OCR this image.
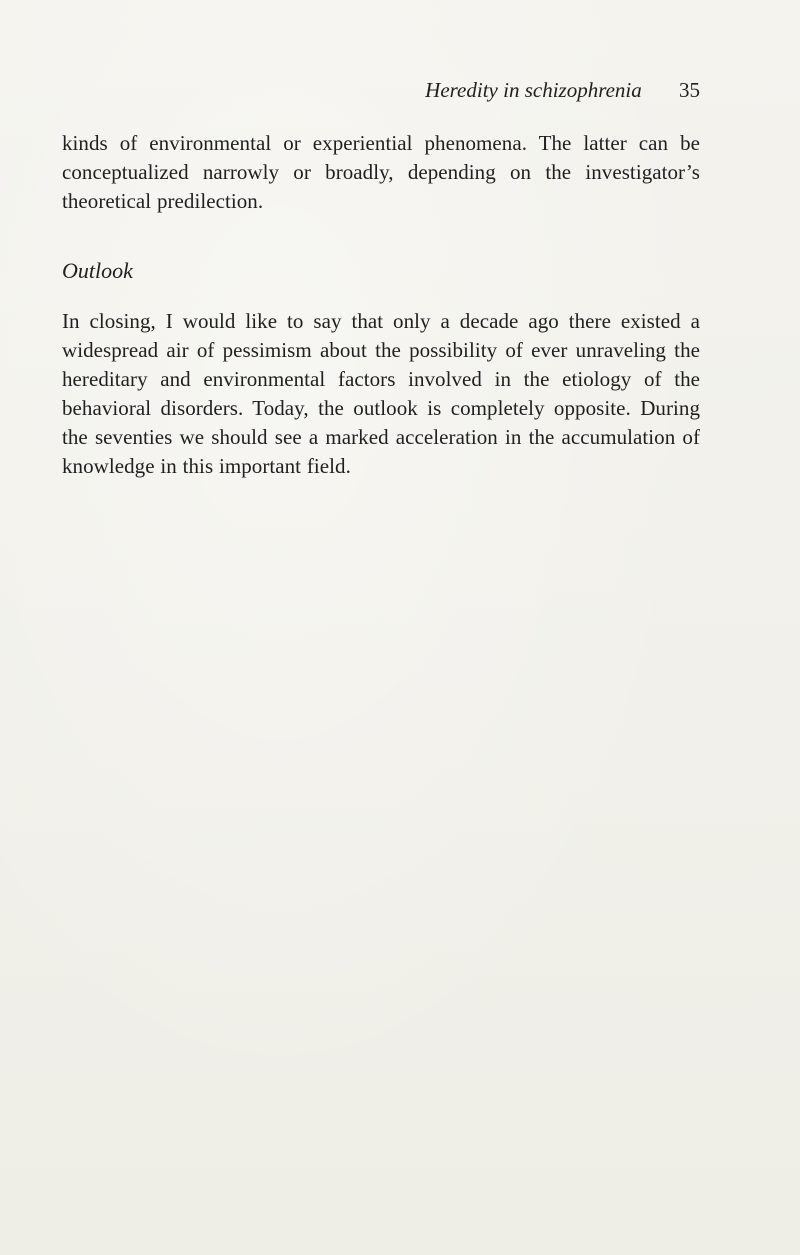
Heredity in schizophrenia 35

kinds of environmental or experiential phenomena. The latter can be conceptualized narrowly or broadly, depending on the investigator’s theoretical predilection.

Outlook

In closing, I would like to say that only a decade ago there existed a widespread air of pessimism about the possibility of ever unraveling the hereditary and environmental factors involved in the etiology of the behavioral disorders. Today, the outlook is completely opposite. During the seventies we should see a marked acceleration in the accumulation of knowledge in this important field.
